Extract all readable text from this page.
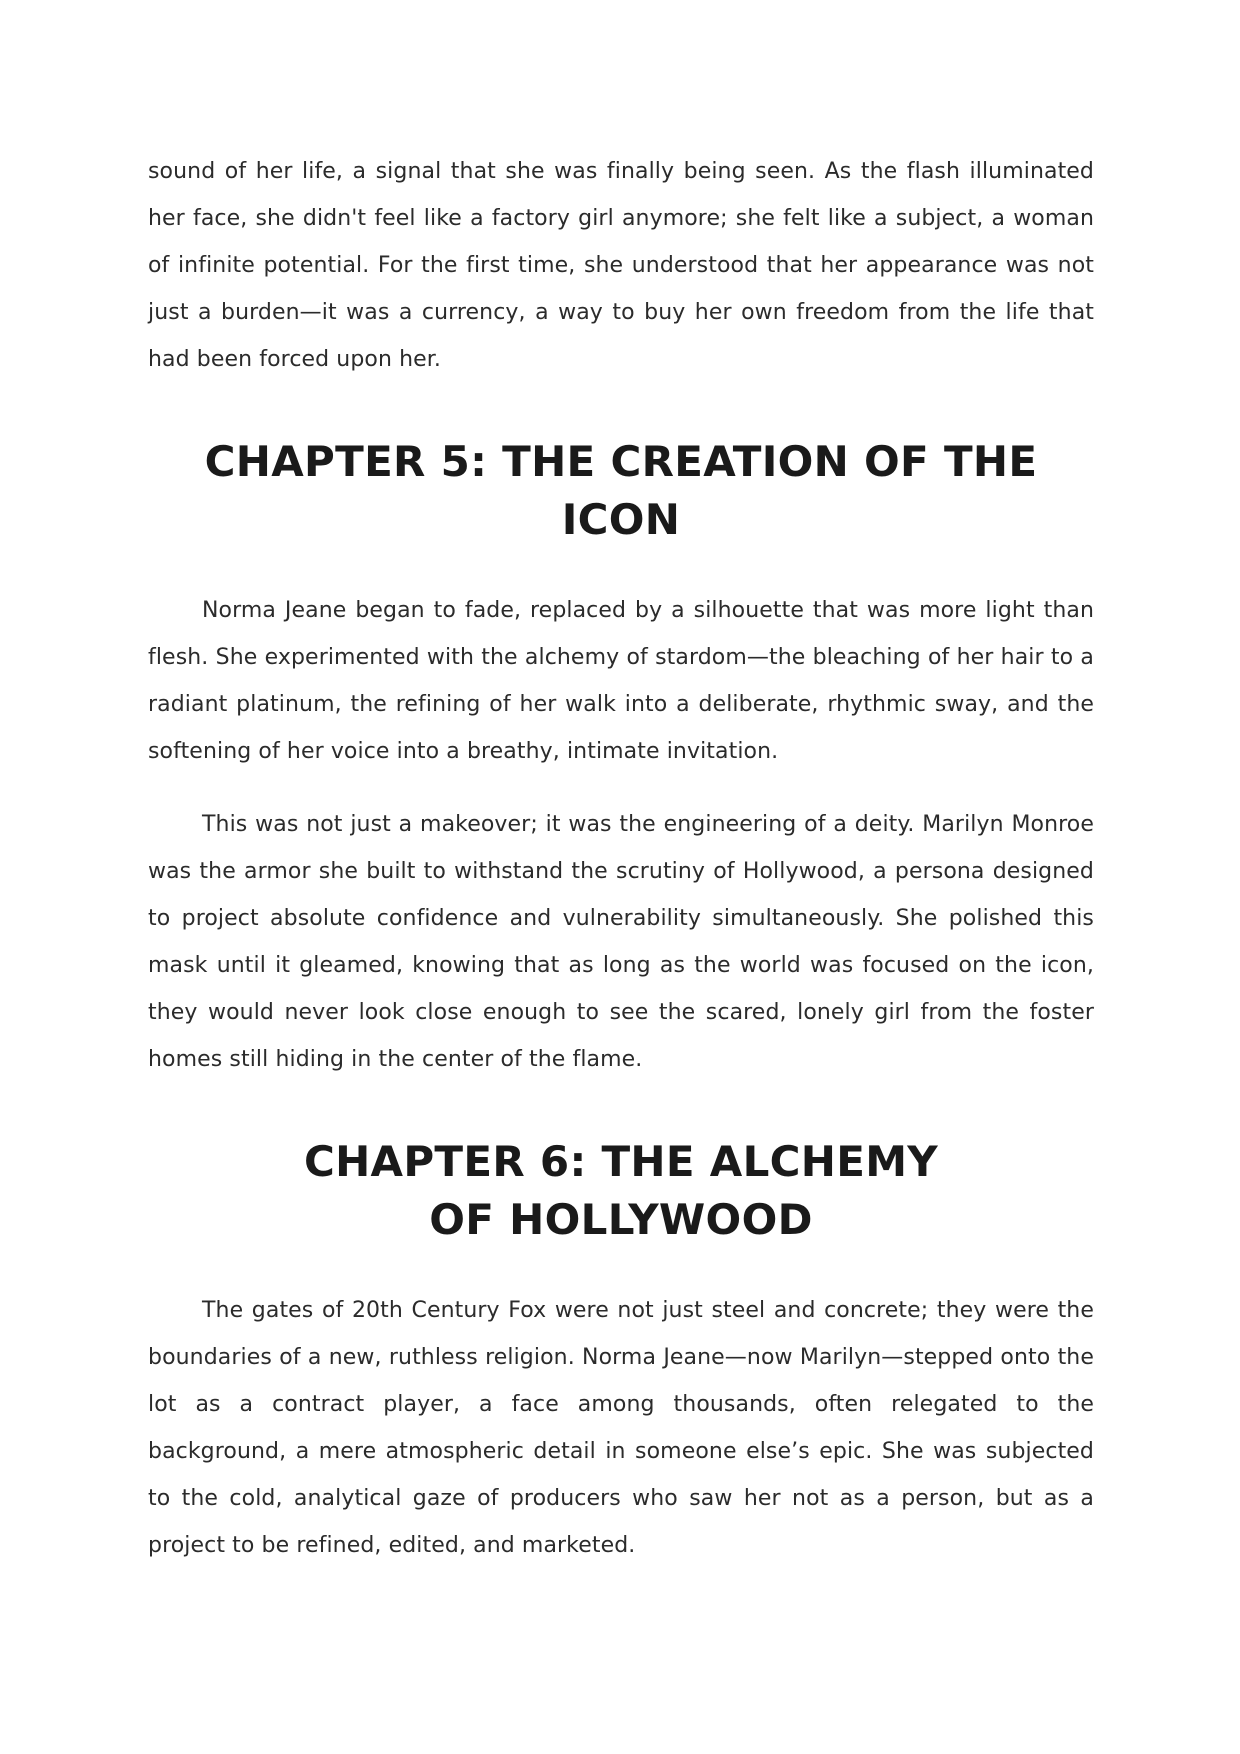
sound of her life, a signal that she was finally being seen. As the flash illuminated her face, she didn't feel like a factory girl anymore; she felt like a subject, a woman of infinite potential. For the first time, she understood that her appearance was not just a burden—it was a currency, a way to buy her own freedom from the life that had been forced upon her.

CHAPTER 5: THE CREATION OF THE ICON

Norma Jeane began to fade, replaced by a silhouette that was more light than flesh. She experimented with the alchemy of stardom—the bleaching of her hair to a radiant platinum, the refining of her walk into a deliberate, rhythmic sway, and the softening of her voice into a breathy, intimate invitation.

This was not just a makeover; it was the engineering of a deity. Marilyn Monroe was the armor she built to withstand the scrutiny of Hollywood, a persona designed to project absolute confidence and vulnerability simultaneously. She polished this mask until it gleamed, knowing that as long as the world was focused on the icon, they would never look close enough to see the scared, lonely girl from the foster homes still hiding in the center of the flame.

CHAPTER 6: THE ALCHEMY OF HOLLYWOOD

The gates of 20th Century Fox were not just steel and concrete; they were the boundaries of a new, ruthless religion. Norma Jeane—now Marilyn—stepped onto the lot as a contract player, a face among thousands, often relegated to the background, a mere atmospheric detail in someone else’s epic. She was subjected to the cold, analytical gaze of producers who saw her not as a person, but as a project to be refined, edited, and marketed.
